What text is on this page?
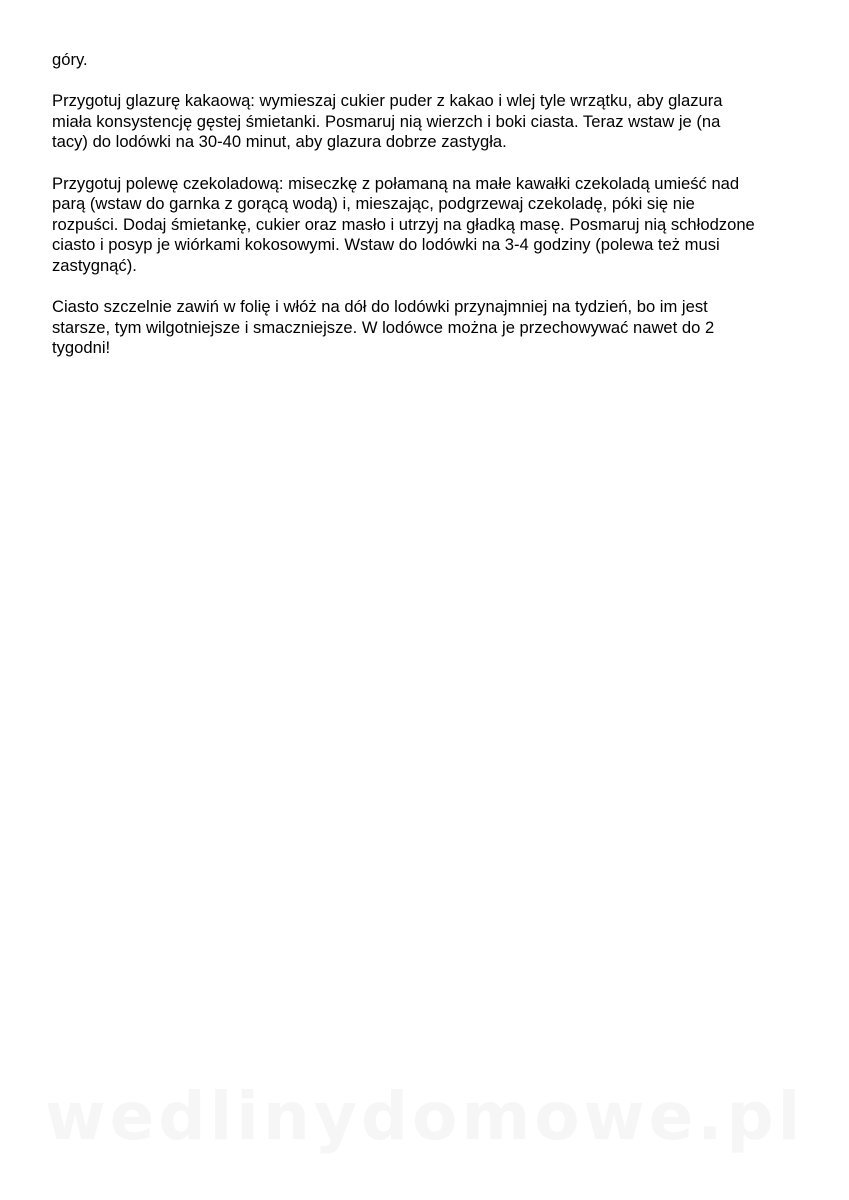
góry.

Przygotuj glazurę kakaową: wymieszaj cukier puder z kakao i wlej tyle wrzątku, aby glazura
miała konsystencję gęstej śmietanki. Posmaruj nią wierzch i boki ciasta. Teraz wstaw je (na
tacy) do lodówki na 30-40 minut, aby glazura dobrze zastygła.

Przygotuj polewę czekoladową: miseczkę z połamaną na małe kawałki czekoladą umieść nad
parą (wstaw do garnka z gorącą wodą) i, mieszając, podgrzewaj czekoladę, póki się nie
rozpuści. Dodaj śmietankę, cukier oraz masło i utrzyj na gładką masę. Posmaruj nią schłodzone
ciasto i posyp je wiórkami kokosowymi. Wstaw do lodówki na 3-4 godziny (polewa też musi
zastygnąć).

Ciasto szczelnie zawiń w folię i włóż na dół do lodówki przynajmniej na tydzień, bo im jest
starsze, tym wilgotniejsze i smaczniejsze. W lodówce można je przechowywać nawet do 2
tygodni!

wedlinydomowe.pl
